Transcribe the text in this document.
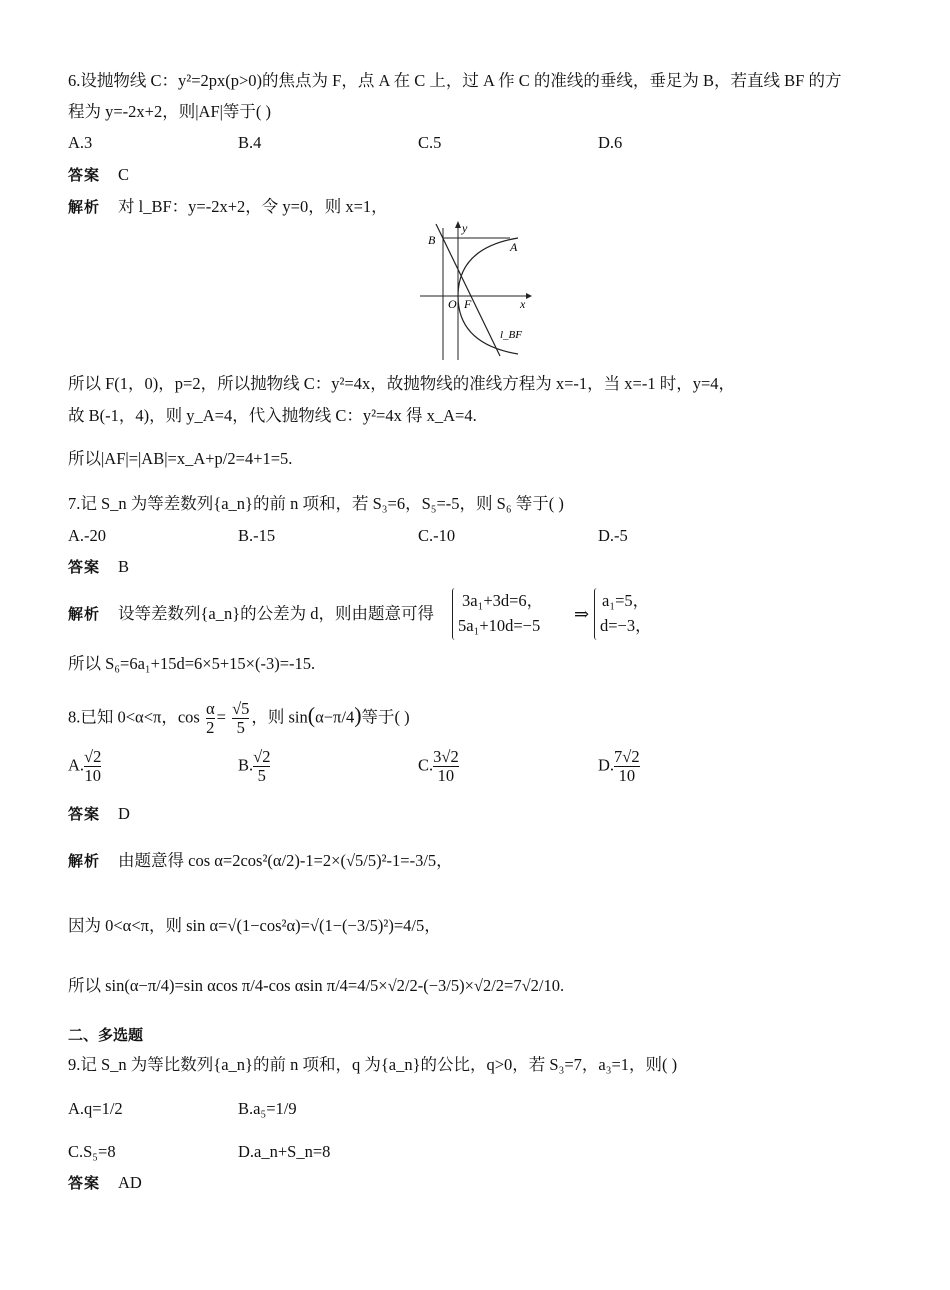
6.设抛物线 C：y²=2px(p>0)的焦点为 F，点 A 在 C 上，过 A 作 C 的准线的垂线，垂足为 B，若直线 BF 的方
程为 y=-2x+2，则|AF|等于( )
A.3	B.4	C.5	D.6
答案 C
解析 对 l_BF：y=-2x+2，令 y=0，则 x=1，
B	A
O F	x
y
l_BF
所以 F(1，0)，p=2，所以抛物线 C：y²=4x，故抛物线的准线方程为 x=-1，当 x=-1 时，y=4，
故 B(-1，4)，则 y_A=4，代入抛物线 C：y²=4x 得 x_A=4.
所以|AF|=|AB|=x_A+p/2=4+1=5.
7.记 S_n 为等差数列{a_n}的前 n 项和，若 S₃=6，S₅=-5，则 S₆ 等于( )
A.-20	B.-15	C.-10	D.-5
答案 B
解析 设等差数列{a_n}的公差为 d，则由题意可得
3a₁+3d=6，
5a₁+10d=−5
⇒
a₁=5，
d=−3，
所以 S₆=6a₁+15d=6×5+15×(-3)=-15.
8.已知 0<α<π，$\cos \frac{\alpha}{2} = \frac{√5}{5}$ ，则 sin(α−π/4)等于( )
A. $\frac{√2}{10}$	B. $\frac{√2}{5}$	C. $\frac{3√2}{10}$	D. $\frac{7√2}{10}$
答案 D
解析 由题意得 cos α=2cos²(α/2)-1=2×(√5/5)²-1=-3/5，
因为 0<α<π，则 sin α=√(1−cos²α)=√(1−(−3/5)²)=4/5，
所以 sin(α−π/4)=sin αcos π/4-cos αsin π/4=4/5×√2/2-(−3/5)×√2/2=7√2/10.
二、多选题
9.记 S_n 为等比数列{a_n}的前 n 项和，q 为{a_n}的公比，q>0，若 S₃=7，a₃=1，则( )
A.q=1/2	B.a₅=1/9
C.S₅=8	D.a_n+S_n=8
答案 AD
